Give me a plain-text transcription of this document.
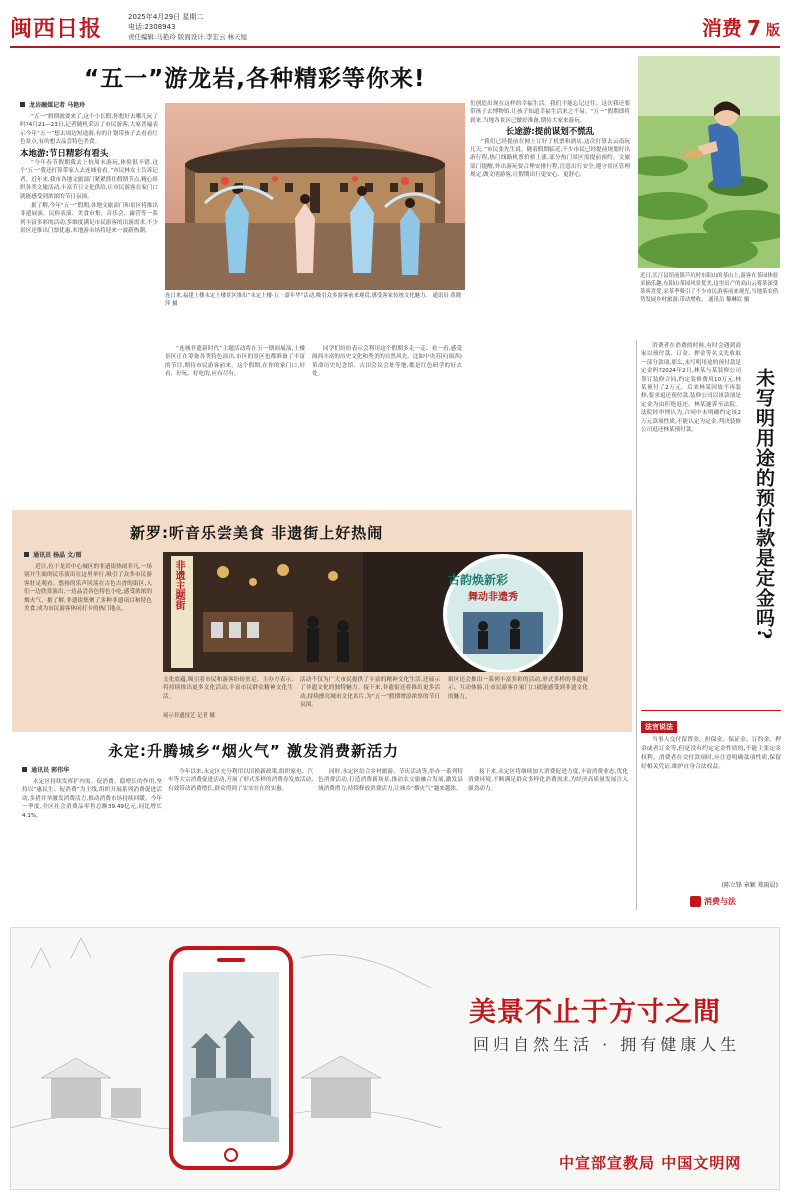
闽西日报	2025年4月29日 星期二
电话:2308943
责任编辑:马艳玲 版面设计:李宏云 林天旭	消费 7 版
“五一”游龙岩,各种精彩等你来!
龙岩融媒记者 马艳玲

“五一”假期就要来了,这个小长假,你想好去哪儿玩了吗?4月21—23日,记者随机采访了市民游客,大家普遍表示今年“五一”想去周边短途游,有的计划带孩子去看看红色景点,有的想去品尝特色美食。

本地游:节日精彩有看头

“今年春节假期我去上杭周末游玩,体验很不错,这个‘五一’我还打算带家人去连城看看。”市民林女士告诉记者。近年来,我市各地文旅部门紧紧抓住假期节点,精心组织各类文旅活动,丰富节日文化供给,让市民游客在家门口就能感受到浓浓的节日氛围。

据了解,今年“五一”假期,各地文旅部门和景区将推出非遗展演、民俗表演、美食市集、音乐会、露营等一系列丰富多彩的活动,多维度满足市民游客的出游需求,不少景区还推出门票优惠,本地游市场将迎来一波新热潮。

连日来,福建土楼永定土楼景区推出“永定土楼·五一嘉年华”活动,吸引众多游客前来观赏,感受客家传统文化魅力。 通讯员 黄晓萍 摄
“连城非遗新时代”主题活动将在五一期间展演,土楼景区正在筹备各类特色演出,市区的景区也都准备了丰富的节目,期待市民游客前来。这个假期,在你的家门口,好看、好玩、好吃的,应有尽有。
同学们纷纷表示会利用这个假期多走一走、看一看,感受闽西丰富的历史文化和秀美的自然风光。比如中央苏区(闽西)革命历史纪念馆、古田会议会址等地,都是红色研学的好去处。

们创造出现在这样的幸福生活。我们不能忘记过往。这次我还要带孩子去博物馆,让孩子知道幸福生活来之不易。“五一”假期即将到来,当地各景区已做好准备,期待大家来游玩。

长途游:提前谋划不慌乱

“我们已经提前在网上订好了机票和酒店,这次打算去云南玩几天。”市民张先生说。随着假期临近,不少市民已经提前规划好出游行程,热门线路机票价格上涨,部分热门景区需提前预约。文旅部门提醒,外出游玩要合理安排行程,注意出行安全,遵守景区管理规定,做文明游客,让假期出行更安心、更舒心。

近日,长汀县馆前镇芦坑村东阳山的茶山上,游客在茶园体验采摘乐趣,东阳山茶园风景优美,这里出产的高山云雾茶深受茶客喜爱,采茶季吸引了不少市民游客前来观光,当地茶农借势发展乡村旅游,带动增收。 通讯员 黎琳钦 摄
消费者在消费的时候,有时会遇到商家以预付款、订金、押金等名义先收取一部分款项,那么,未写明用途的预付款是定金吗?2024年2月,林某与某装修公司签订装修合同,约定装修费用10万元,林某预付了2万元。后来林某因故不再装修,要求退还预付款,装修公司以该款项是定金为由拒绝退还。林某遂诉至法院。法院经审理认为,合同中未明确约定该2万元款项性质,不能认定为定金,判决装修公司退还林某预付款。	未写明用途的预付款是定金吗?
法官说法
当事人交付留置金、担保金、保证金、订约金、押金或者订金等,但是没有约定定金性质的,不能主张定金权利。消费者在交付款项时,应注意明确款项性质,保留好相关凭证,维护自身合法权益。
(陈立锋 章颖 郑雨晨)
消费与法
新罗:听音乐尝美食 非遗街上好热闹
通讯员 杨晶 文/图
近日,位于龙岩中心城区的非遗街热闹非凡,一场别开生面的民乐演出在这里举行,吸引了众多市民游客驻足观看。悠扬的乐声回荡在古色古香的街区,人们一边欣赏演出,一边品尝各色特色小吃,感受浓浓的烟火气。据了解,非遗街集聚了多种非遗项目和特色美食,成为市民游客休闲打卡的热门地点。	非遗主题街	古韵焕新彩
舞动非遗秀
文化底蕴,吸引着市民和游客纷纷驻足。主办方表示,将持续推出更多文化活动,丰富市民群众精神文化生活。
展示非遗技艺 记者 摄
活动不仅为广大市民提供了丰富的精神文化生活,还展示了非遗文化的独特魅力。接下来,非遗街还将推出更多活动,持续擦亮城市文化名片,为“五一”假期增添浓厚的节日氛围。
街区还会推出一系列丰富多彩的活动,形式多样的非遗展示、互动体验,让市民游客在家门口就能感受到非遗文化的魅力。
永定:升腾城乡“烟火气” 激发消费新活力
通讯员 郭伟华
永定区持续发挥扩内需、促消费、稳增长的作用,坚持以“惠民生、促消费”为主线,组织开展系列消费促进活动,多措并举激发消费活力,推动消费市场持续回暖。今年一季度,全区社会消费品零售总额39.49亿元,同比增长4.1%。
今年以来,永定区充分利用以旧换新政策,组织家电、汽车等大宗消费促进活动,开展了形式多样的消费券发放活动,有效带动消费增长,群众得到了实实在在的实惠。
同时,永定区结合乡村旅游、节庆活动等,举办一系列特色消费活动,打造消费新场景,推动农文旅融合发展,激发县域消费潜力,持续释放消费活力,让城乡“烟火气”越来越浓。
接下来,永定区将继续加大消费促进力度,丰富消费业态,优化消费环境,不断满足群众多样化消费需求,为经济高质量发展注入强劲动力。
美景不止于方寸之間
回归自然生活 · 拥有健康人生
中宣部宣教局 中国文明网
